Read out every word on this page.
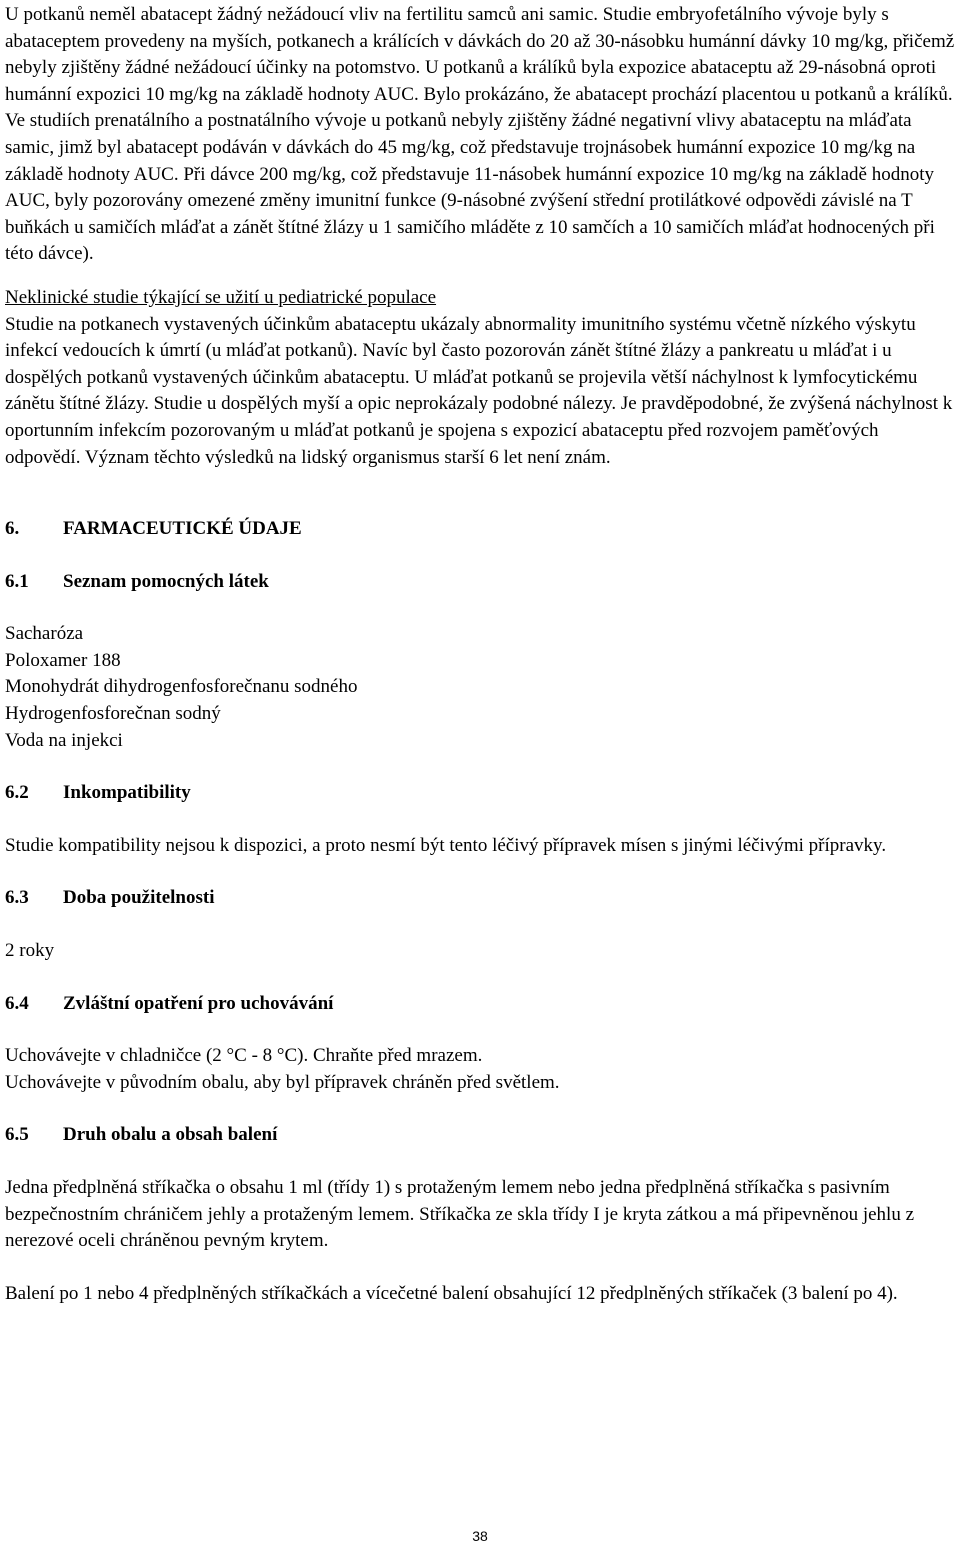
U potkanů neměl abatacept žádný nežádoucí vliv na fertilitu samců ani samic. Studie embryofetálního vývoje byly s abataceptem provedeny na myších, potkanech a králících v dávkách do 20 až 30-násobku humánní dávky 10 mg/kg, přičemž nebyly zjištěny žádné nežádoucí účinky na potomstvo. U potkanů a králíků byla expozice abataceptu až 29-násobná oproti humánní expozici 10 mg/kg na základě hodnoty AUC. Bylo prokázáno, že abatacept prochází placentou u potkanů a králíků. Ve studiích prenatálního a postnatálního vývoje u potkanů nebyly zjištěny žádné negativní vlivy abataceptu na mláďata samic, jimž byl abatacept podáván v dávkách do 45 mg/kg, což představuje trojnásobek humánní expozice 10 mg/kg na základě hodnoty AUC. Při dávce 200 mg/kg, což představuje 11-násobek humánní expozice 10 mg/kg na základě hodnoty AUC, byly pozorovány omezené změny imunitní funkce (9-násobné zvýšení střední protilátkové odpovědi závislé na T buňkách u samičích mláďat a zánět štítné žlázy u 1 samičího mláděte z 10 samčích a 10 samičích mláďat hodnocených při této dávce).

Neklinické studie týkající se užití u pediatrické populace

Studie na potkanech vystavených účinkům abataceptu ukázaly abnormality imunitního systému včetně nízkého výskytu infekcí vedoucích k úmrtí (u mláďat potkanů). Navíc byl často pozorován zánět štítné žlázy a pankreatu u mláďat i u dospělých potkanů vystavených účinkům abataceptu. U mláďat potkanů se projevila větší náchylnost k lymfocytickému zánětu štítné žlázy. Studie u dospělých myší a opic neprokázaly podobné nálezy. Je pravděpodobné, že zvýšená náchylnost k oportunním infekcím pozorovaným u mláďat potkanů je spojena s expozicí abataceptu před rozvojem paměťových odpovědí. Význam těchto výsledků na lidský organismus starší 6 let není znám.

6.	FARMACEUTICKÉ ÚDAJE
6.1	Seznam pomocných látek
Sacharóza
Poloxamer 188
Monohydrát dihydrogenfosforečnanu sodného
Hydrogenfosforečnan sodný
Voda na injekci
6.2	Inkompatibility

Studie kompatibility nejsou k dispozici, a proto nesmí být tento léčivý přípravek mísen s jinými léčivými přípravky.

6.3	Doba použitelnosti

2 roky

6.4	Zvláštní opatření pro uchovávání

Uchovávejte v chladničce (2 °C - 8 °C). Chraňte před mrazem.

Uchovávejte v původním obalu, aby byl přípravek chráněn před světlem.

6.5	Druh obalu a obsah balení

Jedna předplněná stříkačka o obsahu 1 ml (třídy 1) s protaženým lemem nebo jedna předplněná stříkačka s pasivním bezpečnostním chráničem jehly a protaženým lemem. Stříkačka ze skla třídy I je kryta zátkou a má připevněnou jehlu z nerezové oceli chráněnou pevným krytem.

Balení po 1 nebo 4 předplněných stříkačkách a vícečetné balení obsahující 12 předplněných stříkaček (3 balení po 4).

38
